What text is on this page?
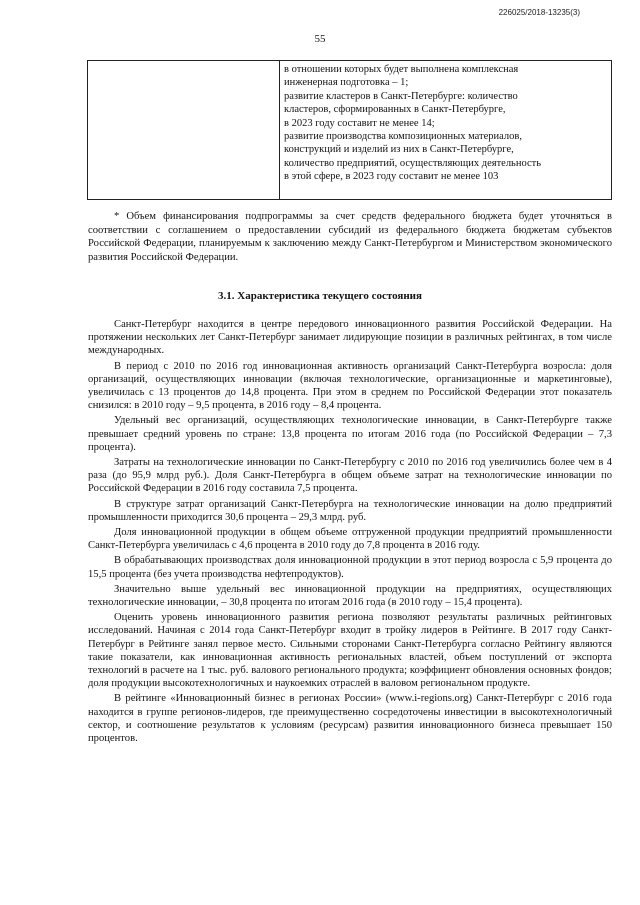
226025/2018-13235(3)
55
в отношении которых будет выполнена комплексная
инженерная подготовка – 1;
развитие кластеров в Санкт-Петербурге: количество
кластеров, сформированных в Санкт-Петербурге,
в 2023 году составит не менее 14;
развитие производства композиционных материалов,
конструкций и изделий из них в Санкт-Петербурге,
количество предприятий, осуществляющих деятельность
в этой сфере, в 2023 году составит не менее 103

* Объем финансирования подпрограммы за счет средств федерального бюджета будет уточняться в соответствии с соглашением о предоставлении субсидий из федерального бюджета бюджетам субъектов Российской Федерации, планируемым к заключению между Санкт-Петербургом и Министерством экономического развития Российской Федерации.

3.1. Характеристика текущего состояния

Санкт-Петербург находится в центре передового инновационного развития Российской Федерации. На протяжении нескольких лет Санкт-Петербург занимает лидирующие позиции в различных рейтингах, в том числе международных.

В период с 2010 по 2016 год инновационная активность организаций Санкт-Петербурга возросла: доля организаций, осуществляющих инновации (включая технологические, организационные и маркетинговые), увеличилась с 13 процентов до 14,8 процента. При этом в среднем по Российской Федерации этот показатель снизился: в 2010 году – 9,5 процента, в 2016 году – 8,4 процента.

Удельный вес организаций, осуществляющих технологические инновации, в Санкт-Петербурге также превышает средний уровень по стране: 13,8 процента по итогам 2016 года (по Российской Федерации – 7,3 процента).

Затраты на технологические инновации по Санкт-Петербургу с 2010 по 2016 год увеличились более чем в 4 раза (до 95,9 млрд руб.). Доля Санкт-Петербурга в общем объеме затрат на технологические инновации по Российской Федерации в 2016 году составила 7,5 процента.

В структуре затрат организаций Санкт-Петербурга на технологические инновации на долю предприятий промышленности приходится 30,6 процента – 29,3 млрд. руб.

Доля инновационной продукции в общем объеме отгруженной продукции предприятий промышленности Санкт-Петербурга увеличилась с 4,6 процента в 2010 году до 7,8 процента в 2016 году.

В обрабатывающих производствах доля инновационной продукции в этот период возросла с 5,9 процента до 15,5 процента (без учета производства нефтепродуктов).

Значительно выше удельный вес инновационной продукции на предприятиях, осуществляющих технологические инновации, – 30,8 процента по итогам 2016 года (в 2010 году – 15,4 процента).

Оценить уровень инновационного развития региона позволяют результаты различных рейтинговых исследований. Начиная с 2014 года Санкт-Петербург входит в тройку лидеров в Рейтинге. В 2017 году Санкт-Петербург в Рейтинге занял первое место. Сильными сторонами Санкт-Петербурга согласно Рейтингу являются такие показатели, как инновационная активность региональных властей, объем поступлений от экспорта технологий в расчете на 1 тыс. руб. валового регионального продукта; коэффициент обновления основных фондов; доля продукции высокотехнологичных и наукоемких отраслей в валовом региональном продукте.

В рейтинге «Инновационный бизнес в регионах России» (www.i-regions.org) Санкт-Петербург с 2016 года находится в группе регионов-лидеров, где преимущественно сосредоточены инвестиции в высокотехнологичный сектор, и соотношение результатов к условиям (ресурсам) развития инновационного бизнеса превышает 150 процентов.
